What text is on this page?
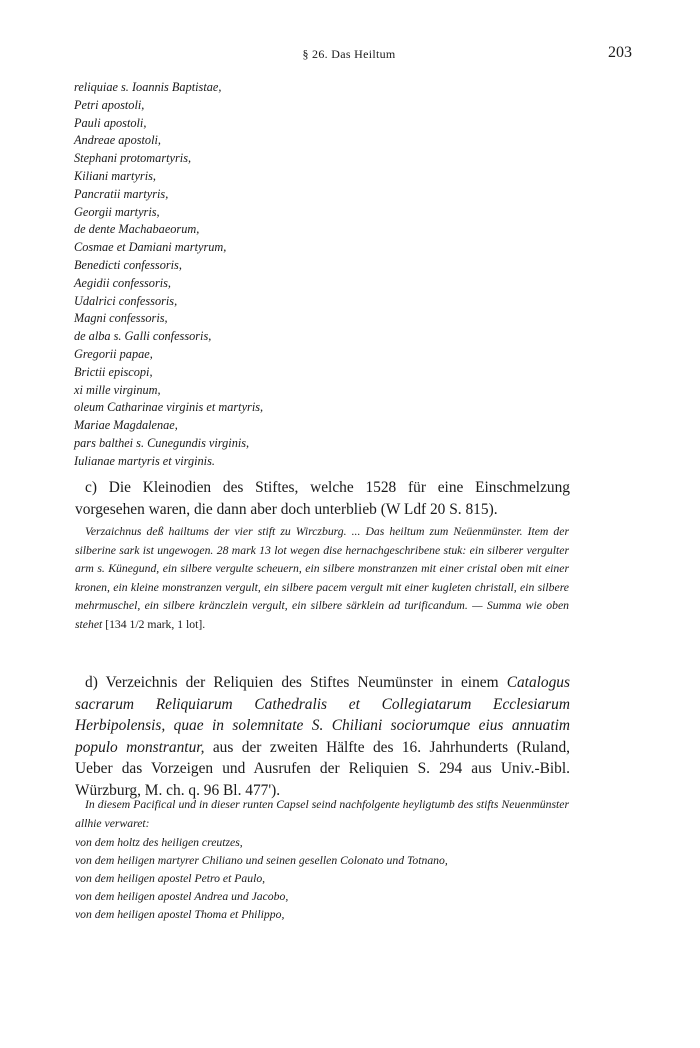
§ 26. Das Heiltum	203
reliquiae s. Ioannis Baptistae,
Petri apostoli,
Pauli apostoli,
Andreae apostoli,
Stephani protomartyris,
Kiliani martyris,
Pancratii martyris,
Georgii martyris,
de dente Machabaeorum,
Cosmae et Damiani martyrum,
Benedicti confessoris,
Aegidii confessoris,
Udalrici confessoris,
Magni confessoris,
de alba s. Galli confessoris,
Gregorii papae,
Brictii episcopi,
xi mille virginum,
oleum Catharinae virginis et martyris,
Mariae Magdalenae,
pars balthei s. Cunegundis virginis,
Iulianae martyris et virginis.

c) Die Kleinodien des Stiftes, welche 1528 für eine Einschmelzung vorgesehen waren, die dann aber doch unterblieb (W Ldf 20 S. 815).

Verzaichnus deß hailtums der vier stift zu Wirczburg. ... Das heiltum zum Neüenmünster. Item der silberine sark ist ungewogen. 28 mark 13 lot wegen dise hernachgeschribene stuk: ein silberer vergulter arm s. Künegund, ein silbere vergulte scheuern, ein silbere monstranzen mit einer cristal oben mit einer kronen, ein kleine monstranzen vergult, ein silbere pacem vergult mit einer kugleten christall, ein silbere mehrmuschel, ein silbere kränczlein vergult, ein silbere särklein ad turificandum. — Summa wie oben stehet [134 1/2 mark, 1 lot].

d) Verzeichnis der Reliquien des Stiftes Neumünster in einem Catalogus sacrarum Reliquiarum Cathedralis et Collegiatarum Ecclesiarum Herbipolensis, quae in solemnitate S. Chiliani sociorumque eius annuatim populo monstrantur, aus der zweiten Hälfte des 16. Jahrhunderts (Ruland, Ueber das Vorzeigen und Ausrufen der Reliquien S. 294 aus Univ.-Bibl. Würzburg, M. ch. q. 96 Bl. 477').

In diesem Pacifical und in dieser runten Capsel seind nachfolgente heyligtumb des stifts Neuenmünster allhie verwaret:

von dem holtz des heiligen creutzes,
von dem heiligen martyrer Chiliano und seinen gesellen Colonato und Totnano,
von dem heiligen apostel Petro et Paulo,
von dem heiligen apostel Andrea und Jacobo,
von dem heiligen apostel Thoma et Philippo,
